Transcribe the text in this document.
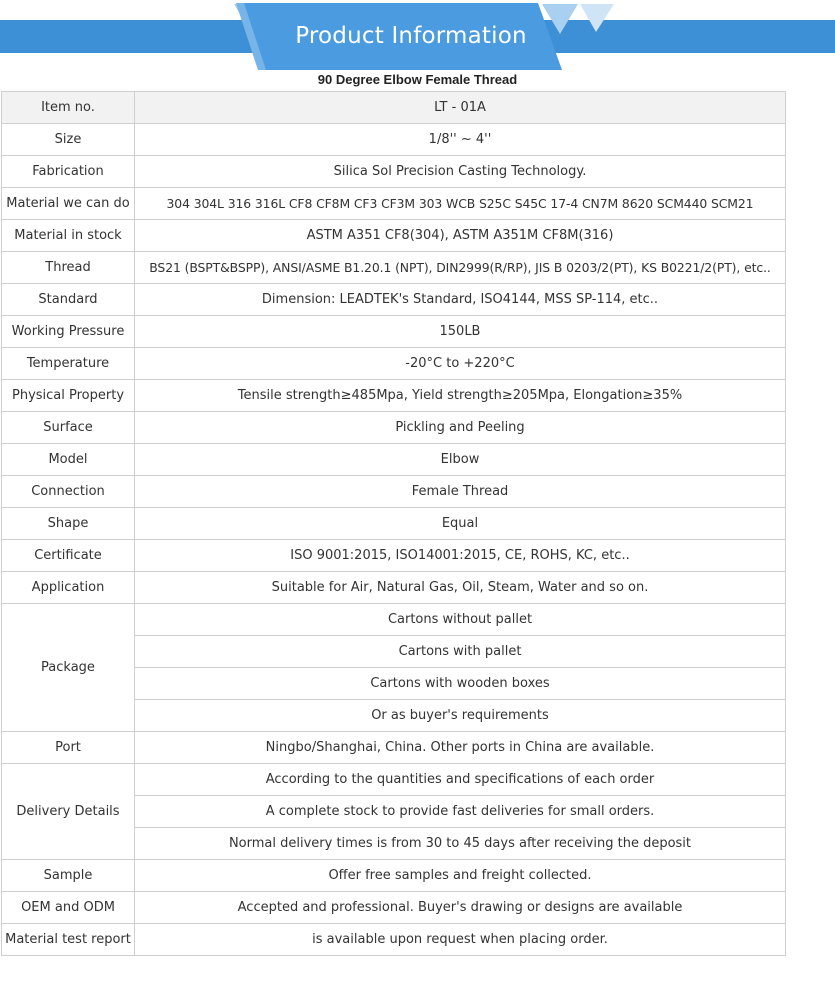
Product Information
90 Degree Elbow Female Thread
Item no.	LT - 01A
Size	1/8'' ~ 4''
Fabrication	Silica Sol Precision Casting Technology.
Material we can do	304 304L 316 316L CF8 CF8M CF3 CF3M 303 WCB S25C S45C 17-4 CN7M 8620 SCM440 SCM21
Material in stock	ASTM A351 CF8(304), ASTM A351M CF8M(316)
Thread	BS21 (BSPT&BSPP), ANSI/ASME B1.20.1 (NPT), DIN2999(R/RP), JIS B 0203/2(PT), KS B0221/2(PT), etc..
Standard	Dimension: LEADTEK's Standard, ISO4144, MSS SP-114, etc..
Working Pressure	150LB
Temperature	-20°C to +220°C
Physical Property	Tensile strength≥485Mpa, Yield strength≥205Mpa, Elongation≥35%
Surface	Pickling and Peeling
Model	Elbow
Connection	Female Thread
Shape	Equal
Certificate	ISO 9001:2015, ISO14001:2015, CE, ROHS, KC, etc..
Application	Suitable for Air, Natural Gas, Oil, Steam, Water and so on.
Package	Cartons without pallet
	Cartons with pallet
	Cartons with wooden boxes
	Or as buyer's requirements
Port	Ningbo/Shanghai, China. Other ports in China are available.
Delivery Details	According to the quantities and specifications of each order
	A complete stock to provide fast deliveries for small orders.
	Normal delivery times is from 30 to 45 days after receiving the deposit
Sample	Offer free samples and freight collected.
OEM and ODM	Accepted and professional. Buyer's drawing or designs are available
Material test report	is available upon request when placing order.
